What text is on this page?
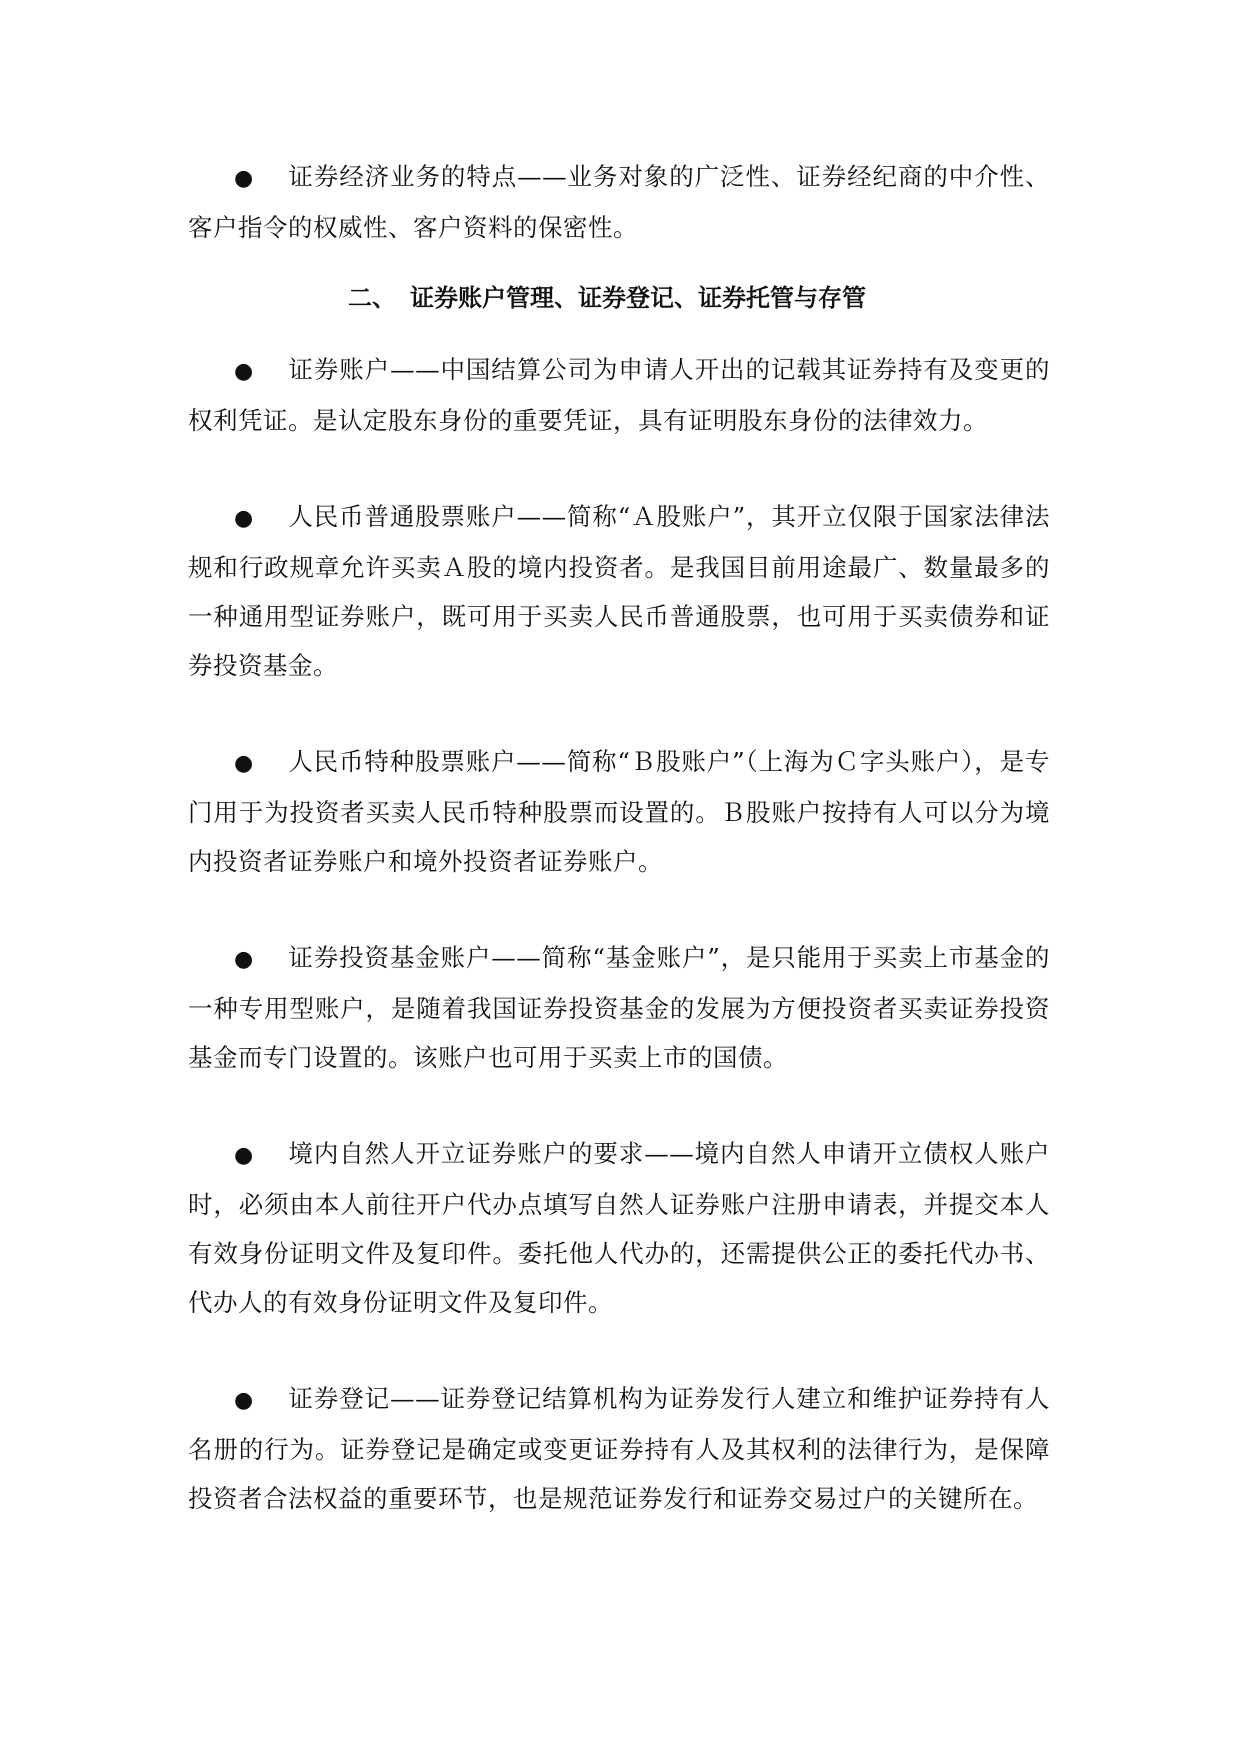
● 证券经济业务的特点——业务对象的广泛性、证券经纪商的中介性、客户指令的权威性、客户资料的保密性。

二、 证券账户管理、证券登记、证券托管与存管

● 证券账户——中国结算公司为申请人开出的记载其证券持有及变更的权利凭证。是认定股东身份的重要凭证，具有证明股东身份的法律效力。

● 人民币普通股票账户——简称“Ａ股账户”，其开立仅限于国家法律法规和行政规章允许买卖Ａ股的境内投资者。是我国目前用途最广、数量最多的一种通用型证券账户，既可用于买卖人民币普通股票，也可用于买卖债券和证券投资基金。

● 人民币特种股票账户——简称“Ｂ股账户”（上海为Ｃ字头账户），是专门用于为投资者买卖人民币特种股票而设置的。Ｂ股账户按持有人可以分为境内投资者证券账户和境外投资者证券账户。

● 证券投资基金账户——简称“基金账户”，是只能用于买卖上市基金的一种专用型账户，是随着我国证券投资基金的发展为方便投资者买卖证券投资基金而专门设置的。该账户也可用于买卖上市的国债。

● 境内自然人开立证券账户的要求——境内自然人申请开立债权人账户时，必须由本人前往开户代办点填写自然人证券账户注册申请表，并提交本人有效身份证明文件及复印件。委托他人代办的，还需提供公正的委托代办书、代办人的有效身份证明文件及复印件。

● 证券登记——证券登记结算机构为证券发行人建立和维护证券持有人名册的行为。证券登记是确定或变更证券持有人及其权利的法律行为，是保障投资者合法权益的重要环节，也是规范证券发行和证券交易过户的关键所在。
